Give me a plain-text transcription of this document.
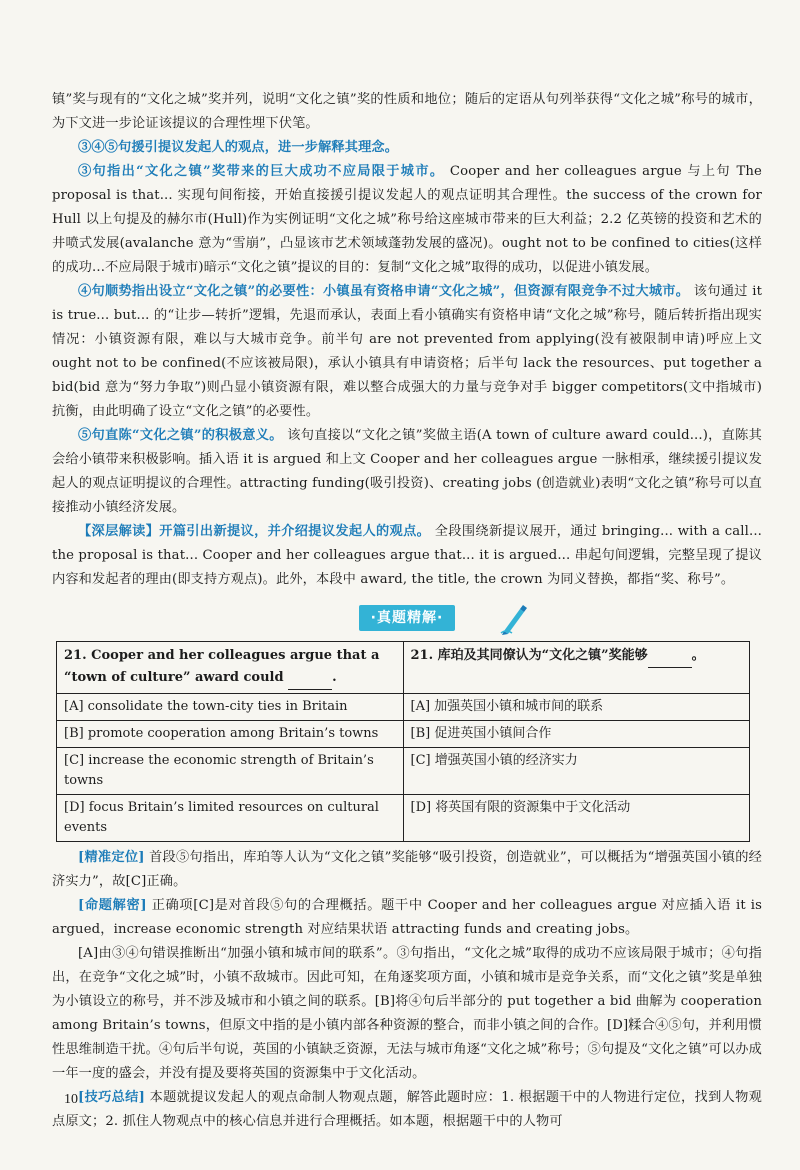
镇”奖与现有的“文化之城”奖并列，说明“文化之镇”奖的性质和地位；随后的定语从句列举获得“文化之城”称号的城市，为下文进一步论证该提议的合理性埋下伏笔。

③④⑤句援引提议发起人的观点，进一步解释其理念。

③句指出“文化之镇”奖带来的巨大成功不应局限于城市。 Cooper and her colleagues argue 与上句 The proposal is that... 实现句间衔接，开始直接援引提议发起人的观点证明其合理性。the success of the crown for Hull 以上句提及的赫尔市(Hull)作为实例证明“文化之城”称号给这座城市带来的巨大利益；2.2 亿英镑的投资和艺术的井喷式发展(avalanche 意为“雪崩”，凸显该市艺术领域蓬勃发展的盛况)。ought not to be confined to cities(这样的成功...不应局限于城市)暗示“文化之镇”提议的目的：复制“文化之城”取得的成功，以促进小镇发展。

④句顺势指出设立“文化之镇”的必要性：小镇虽有资格申请“文化之城”，但资源有限竞争不过大城市。 该句通过 it is true... but... 的“让步—转折”逻辑，先退而承认，表面上看小镇确实有资格申请“文化之城”称号，随后转折指出现实情况：小镇资源有限，难以与大城市竞争。前半句 are not prevented from applying(没有被限制申请)呼应上文 ought not to be confined(不应该被局限)，承认小镇具有申请资格；后半句 lack the resources、put together a bid(bid 意为“努力争取”)则凸显小镇资源有限，难以整合成强大的力量与竞争对手 bigger competitors(文中指城市)抗衡，由此明确了设立“文化之镇”的必要性。

⑤句直陈“文化之镇”的积极意义。 该句直接以“文化之镇”奖做主语(A town of culture award could...)，直陈其会给小镇带来积极影响。插入语 it is argued 和上文 Cooper and her colleagues argue 一脉相承，继续援引提议发起人的观点证明提议的合理性。attracting funding(吸引投资)、creating jobs (创造就业)表明“文化之镇”称号可以直接推动小镇经济发展。

【深层解读】开篇引出新提议，并介绍提议发起人的观点。 全段围绕新提议展开，通过 bringing... with a call... the proposal is that... Cooper and her colleagues argue that... it is argued... 串起句间逻辑，完整呈现了提议内容和发起者的理由(即支持方观点)。此外，本段中 award, the title, the crown 为同义替换，都指“奖、称号”。

·真题精解·
21. Cooper and her colleagues argue that a “town of culture” award could .	21. 库珀及其同僚认为“文化之镇”奖能够 。
[A] consolidate the town-city ties in Britain	[A] 加强英国小镇和城市间的联系
[B] promote cooperation among Britain’s towns	[B] 促进英国小镇间合作
[C] increase the economic strength of Britain’s towns	[C] 增强英国小镇的经济实力
[D] focus Britain’s limited resources on cultural events	[D] 将英国有限的资源集中于文化活动

[精准定位] 首段⑤句指出，库珀等人认为“文化之镇”奖能够“吸引投资，创造就业”，可以概括为“增强英国小镇的经济实力”，故[C]正确。

[命题解密] 正确项[C]是对首段⑤句的合理概括。题干中 Cooper and her colleagues argue 对应插入语 it is argued，increase economic strength 对应结果状语 attracting funds and creating jobs。

[A]由③④句错误推断出“加强小镇和城市间的联系”。③句指出，“文化之城”取得的成功不应该局限于城市；④句指出，在竞争“文化之城”时，小镇不敌城市。因此可知，在角逐奖项方面，小镇和城市是竞争关系，而“文化之镇”奖是单独为小镇设立的称号，并不涉及城市和小镇之间的联系。[B]将④句后半部分的 put together a bid 曲解为 cooperation among Britain’s towns，但原文中指的是小镇内部各种资源的整合，而非小镇之间的合作。[D]糅合④⑤句，并利用惯性思维制造干扰。④句后半句说，英国的小镇缺乏资源，无法与城市角逐“文化之城”称号；⑤句提及“文化之镇”可以办成一年一度的盛会，并没有提及要将英国的资源集中于文化活动。

[技巧总结] 本题就提议发起人的观点命制人物观点题，解答此题时应：1. 根据题干中的人物进行定位，找到人物观点原文；2. 抓住人物观点中的核心信息并进行合理概括。如本题，根据题干中的人物可

10
